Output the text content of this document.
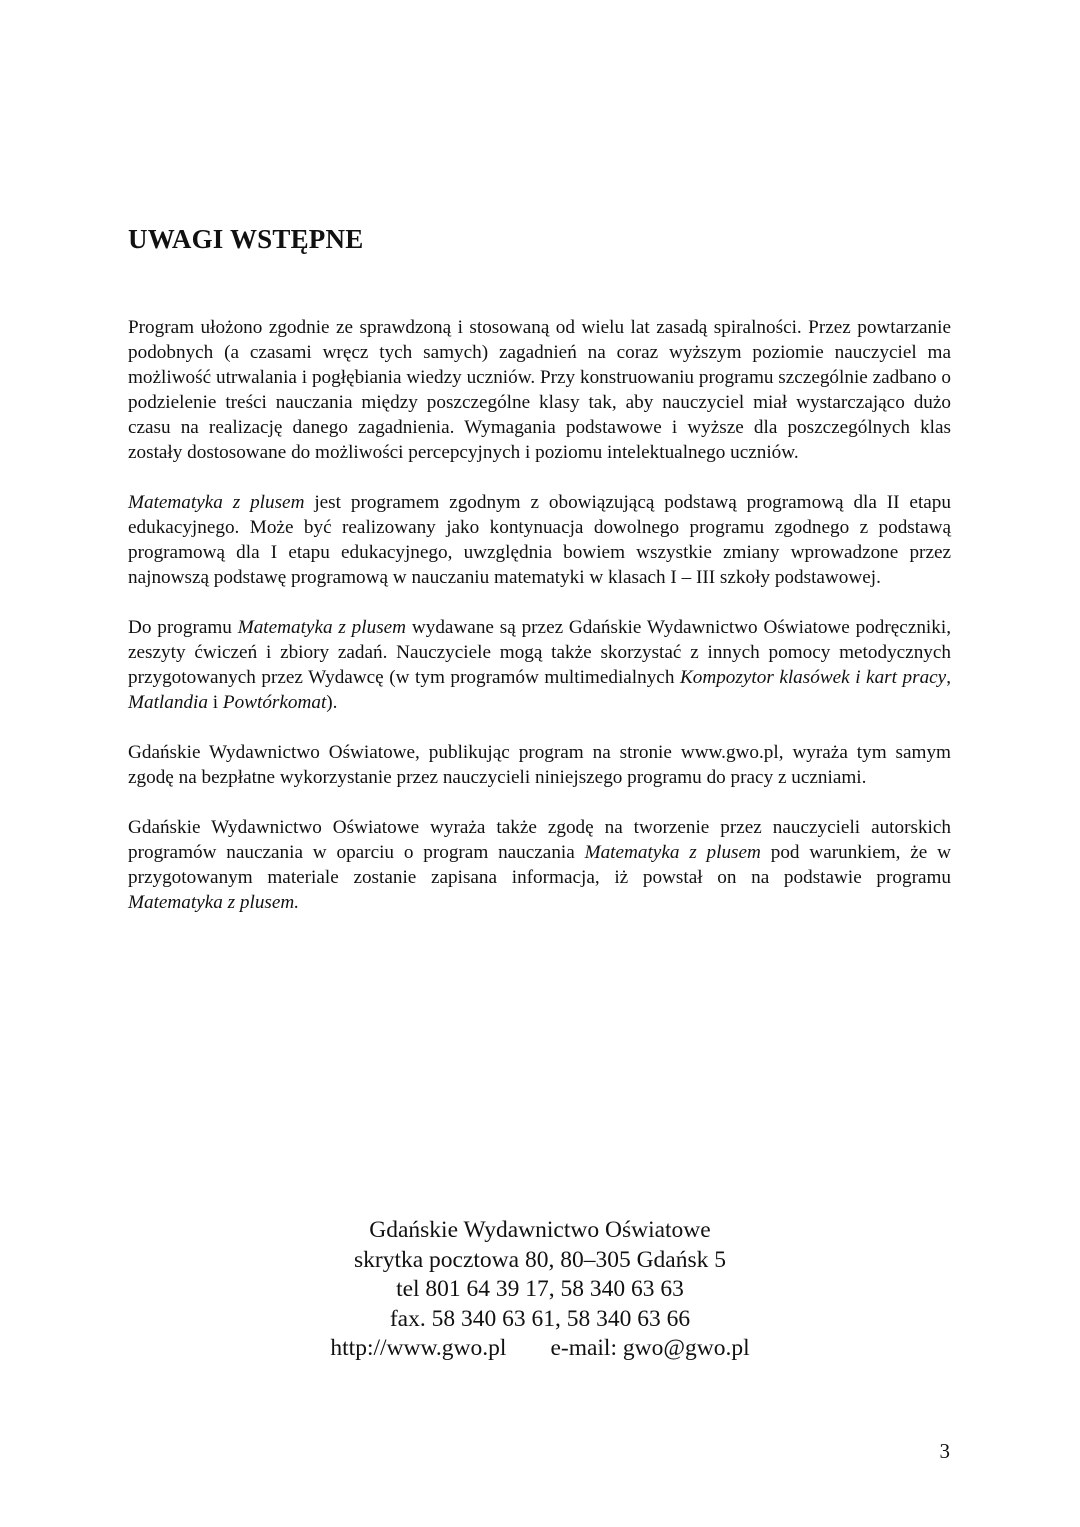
UWAGI WSTĘPNE

Program ułożono zgodnie ze sprawdzoną i stosowaną od wielu lat zasadą spiralności. Przez powtarzanie podobnych (a czasami wręcz tych samych) zagadnień na coraz wyższym poziomie nauczyciel ma możliwość utrwalania i pogłębiania wiedzy uczniów. Przy konstruowaniu programu szczególnie zadbano o podzielenie treści nauczania między poszczególne klasy tak, aby nauczyciel miał wystarczająco dużo czasu na realizację danego zagadnienia. Wymagania podstawowe i wyższe dla poszczególnych klas zostały dostosowane do możliwości percepcyjnych i poziomu intelektualnego uczniów.

Matematyka z plusem jest programem zgodnym z obowiązującą podstawą programową dla II etapu edukacyjnego. Może być realizowany jako kontynuacja dowolnego programu zgodnego z podstawą programową dla I etapu edukacyjnego, uwzględnia bowiem wszystkie zmiany wprowadzone przez najnowszą podstawę programową w nauczaniu matematyki w klasach I – III szkoły podstawowej.

Do programu Matematyka z plusem wydawane są przez Gdańskie Wydawnictwo Oświatowe podręczniki, zeszyty ćwiczeń i zbiory zadań. Nauczyciele mogą także skorzystać z innych pomocy metodycznych przygotowanych przez Wydawcę (w tym programów multimedialnych Kompozytor klasówek i kart pracy, Matlandia i Powtórkomat).

Gdańskie Wydawnictwo Oświatowe, publikując program na stronie www.gwo.pl, wyraża tym samym zgodę na bezpłatne wykorzystanie przez nauczycieli niniejszego programu do pracy z uczniami.

Gdańskie Wydawnictwo Oświatowe wyraża także zgodę na tworzenie przez nauczycieli autorskich programów nauczania w oparciu o program nauczania Matematyka z plusem pod warunkiem, że w przygotowanym materiale zostanie zapisana informacja, iż powstał on na podstawie programu Matematyka z plusem.

Gdańskie Wydawnictwo Oświatowe
skrytka pocztowa 80, 80–305 Gdańsk 5
tel 801 64 39 17, 58 340 63 63
fax. 58 340 63 61, 58 340 63 66
http://www.gwo.pl e-mail: gwo@gwo.pl
3
